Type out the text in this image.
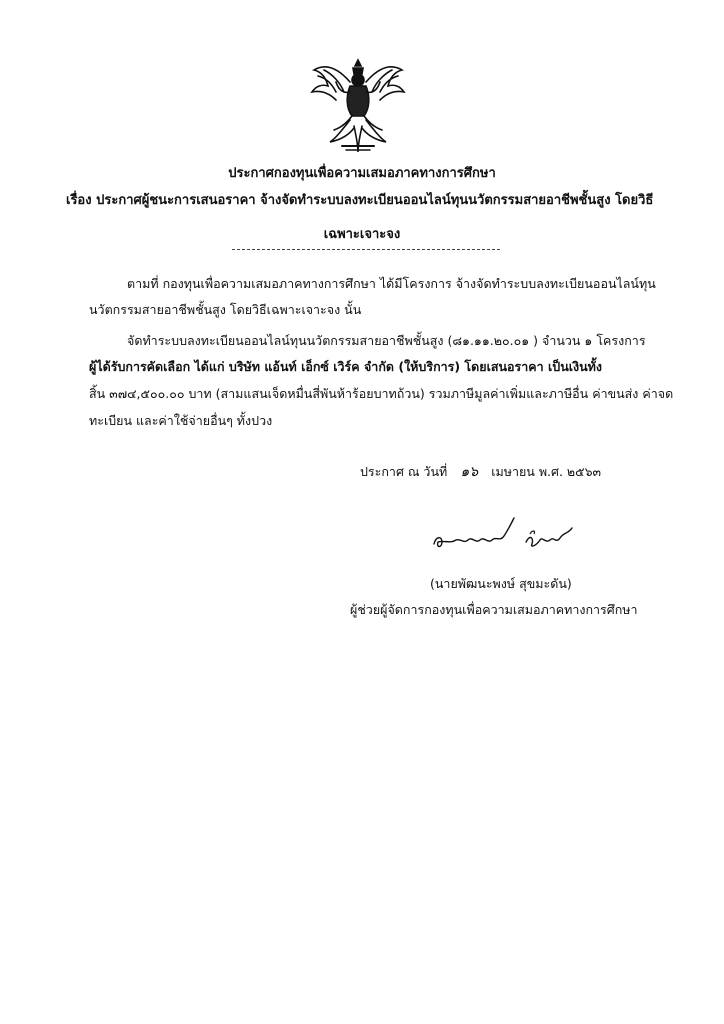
ประกาศกองทุนเพื่อความเสมอภาคทางการศึกษา
เรื่อง ประกาศผู้ชนะการเสนอราคา จ้างจัดทำระบบลงทะเบียนออนไลน์ทุนนวัตกรรมสายอาชีพชั้นสูง โดยวิธี
เฉพาะเจาะจง
ตามที่ กองทุนเพื่อความเสมอภาคทางการศึกษา ได้มีโครงการ จ้างจัดทำระบบลงทะเบียนออนไลน์ทุน
นวัตกรรมสายอาชีพชั้นสูง โดยวิธีเฉพาะเจาะจง นั้น
จัดทำระบบลงทะเบียนออนไลน์ทุนนวัตกรรมสายอาชีพชั้นสูง (๘๑.๑๑.๒๐.๐๑ ) จำนวน ๑ โครงการ
ผู้ได้รับการคัดเลือก ได้แก่ บริษัท แอ้นท์ เอ็กซ์ เวิร์ค จำกัด (ให้บริการ) โดยเสนอราคา เป็นเงินทั้ง
สิ้น ๓๗๔,๕๐๐.๐๐ บาท (สามแสนเจ็ดหมื่นสี่พันห้าร้อยบาทถ้วน) รวมภาษีมูลค่าเพิ่มและภาษีอื่น ค่าขนส่ง ค่าจด
ทะเบียน และค่าใช้จ่ายอื่นๆ ทั้งปวง
ประกาศ ณ วันที่ ๑๖ เมษายน พ.ศ. ๒๕๖๓
(นายพัฒนะพงษ์ สุขมะดัน)
ผู้ช่วยผู้จัดการกองทุนเพื่อความเสมอภาคทางการศึกษา
